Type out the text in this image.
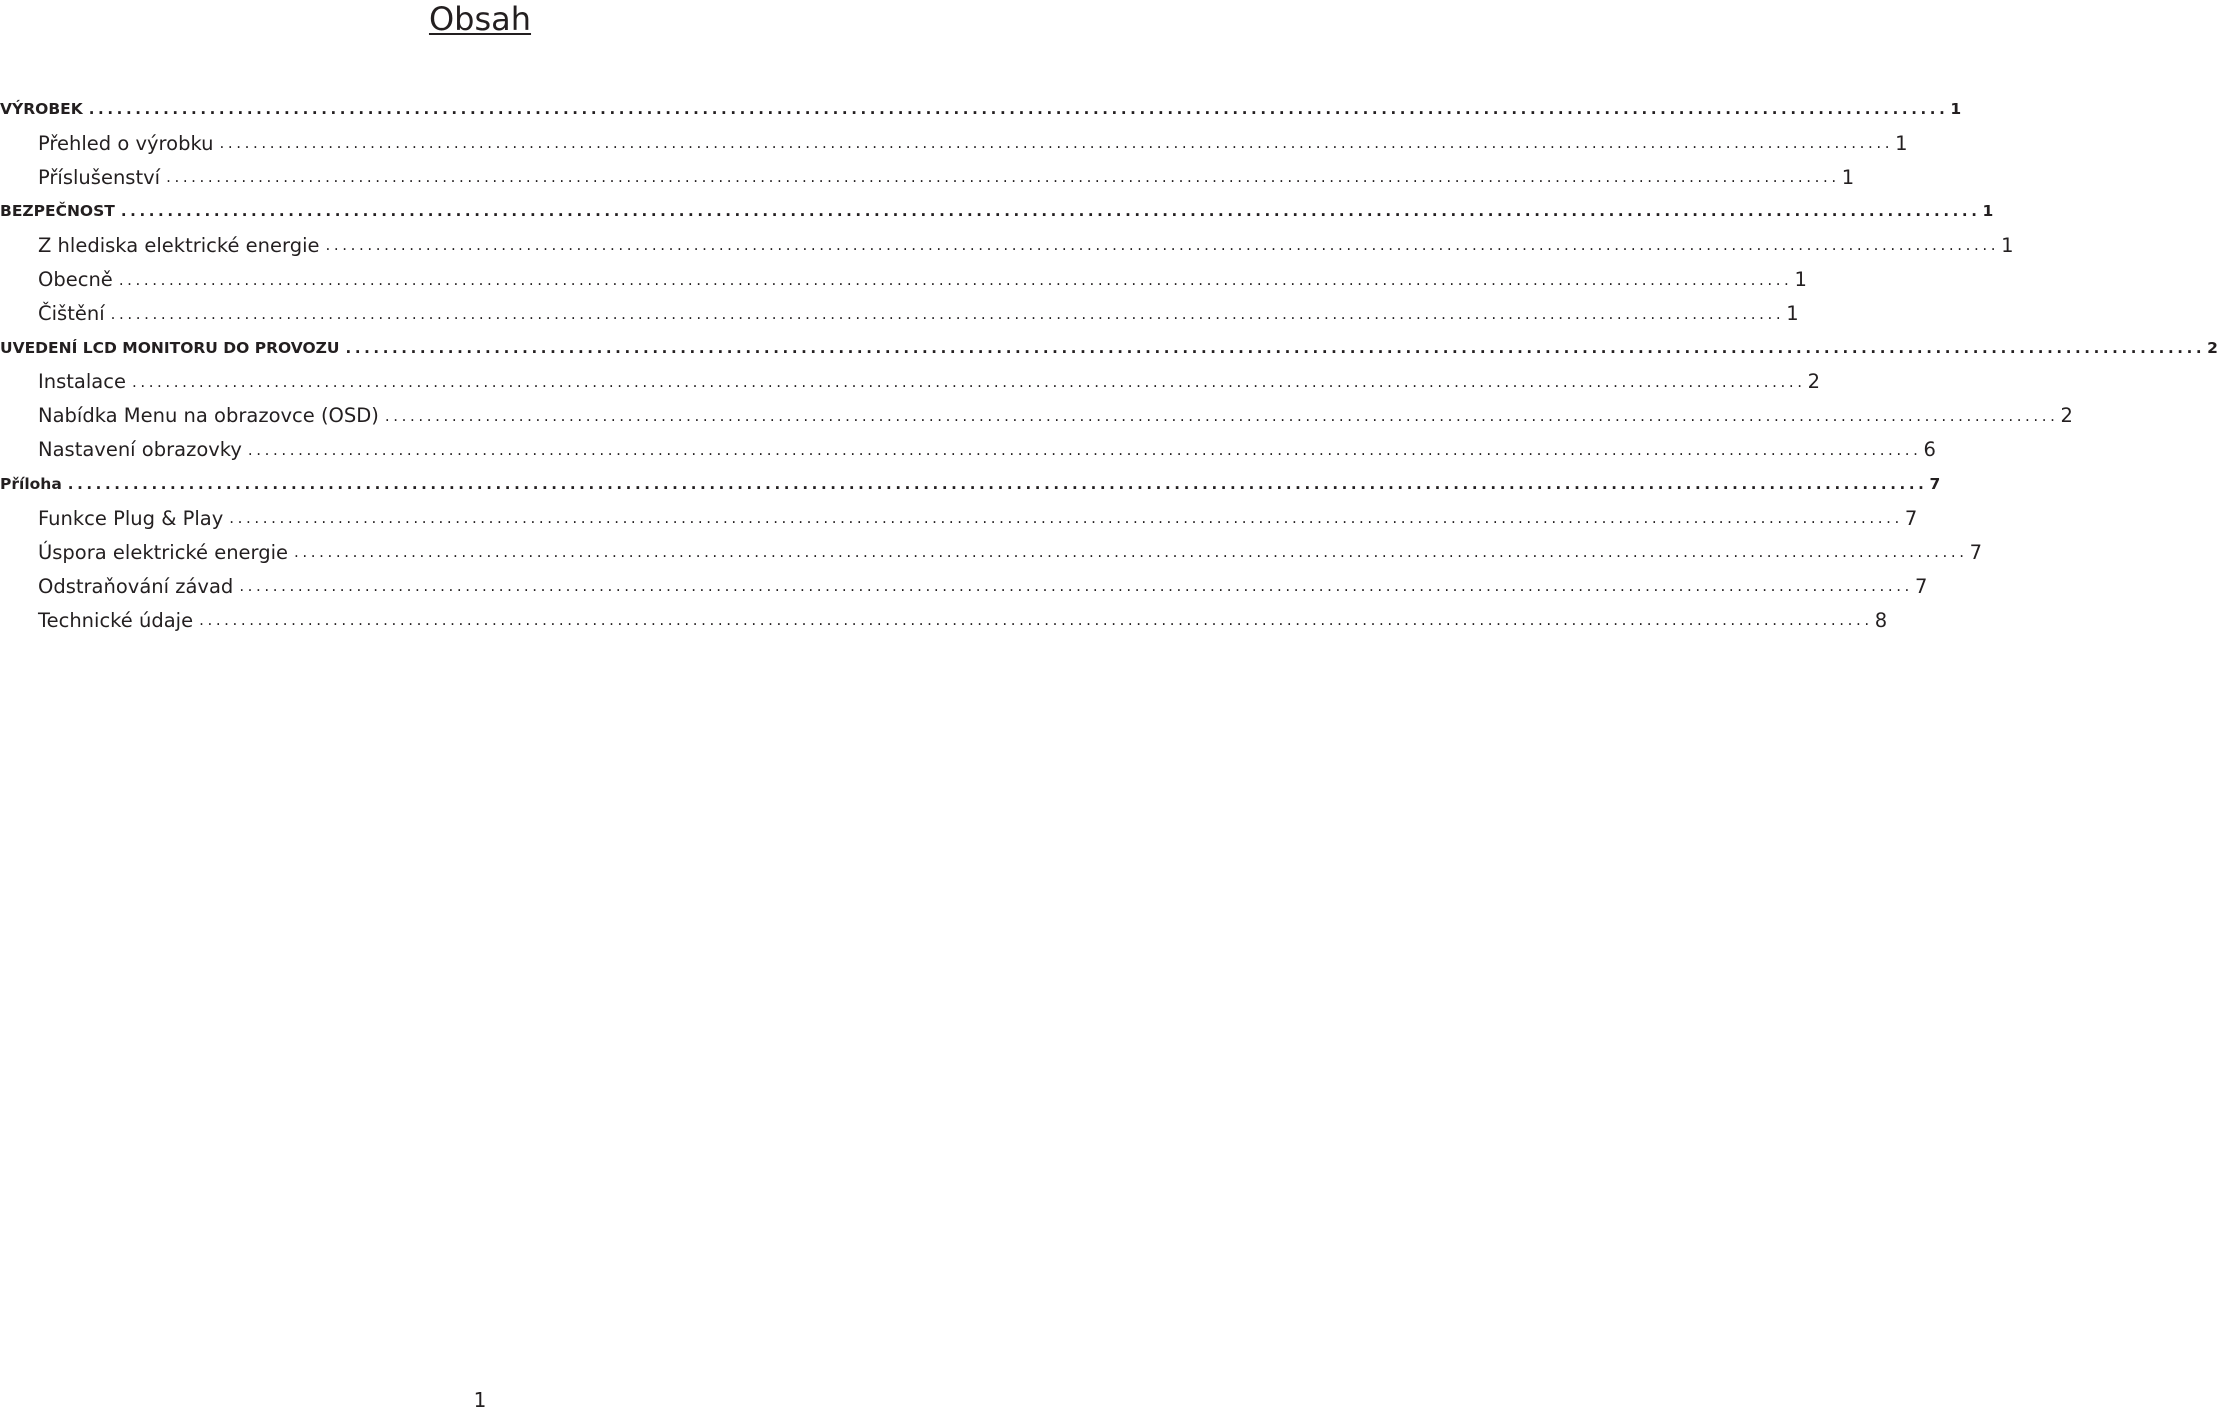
Obsah
VÝROBEK ........................................................................................................................................................................................................ 1
Přehled o výrobku ........................................................................................................................................................................................................ 1
Příslušenství ........................................................................................................................................................................................................ 1
BEZPEČNOST ........................................................................................................................................................................................................ 1
Z hlediska elektrické energie ........................................................................................................................................................................................................ 1
Obecně ........................................................................................................................................................................................................ 1
Čištění ........................................................................................................................................................................................................ 1
UVEDENÍ LCD MONITORU DO PROVOZU ........................................................................................................................................................................................................ 2
Instalace ........................................................................................................................................................................................................ 2
Nabídka Menu na obrazovce (OSD) ........................................................................................................................................................................................................ 2
Nastavení obrazovky ........................................................................................................................................................................................................ 6
Příloha ........................................................................................................................................................................................................ 7
Funkce Plug & Play ........................................................................................................................................................................................................ 7
Úspora elektrické energie ........................................................................................................................................................................................................ 7
Odstraňování závad ........................................................................................................................................................................................................ 7
Technické údaje ........................................................................................................................................................................................................ 8
1
